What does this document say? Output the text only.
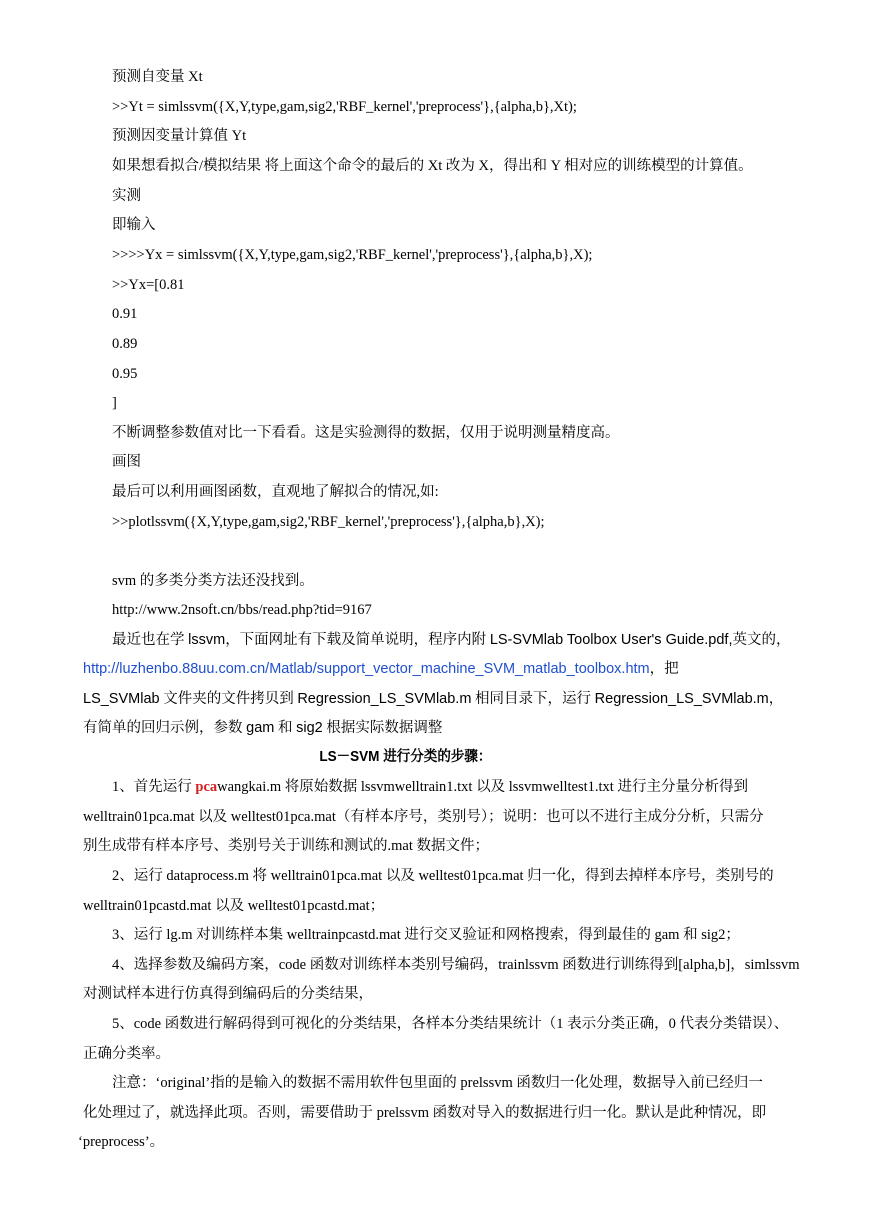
预测自变量 Xt
>>Yt = simlssvm({X,Y,type,gam,sig2,'RBF_kernel','preprocess'},{alpha,b},Xt);
预测因变量计算值 Yt
如果想看拟合/模拟结果 将上面这个命令的最后的 Xt 改为 X，得出和 Y 相对应的训练模型的计算值。
实测
即输入
>>>>Yx = simlssvm({X,Y,type,gam,sig2,'RBF_kernel','preprocess'},{alpha,b},X);
>>Yx=[0.81
0.91
0.89
0.95
]
不断调整参数值对比一下看看。这是实验测得的数据，仅用于说明测量精度高。
画图
最后可以利用画图函数，直观地了解拟合的情况,如:
>>plotlssvm({X,Y,type,gam,sig2,'RBF_kernel','preprocess'},{alpha,b},X);
svm 的多类分类方法还没找到。
http://www.2nsoft.cn/bbs/read.php?tid=9167
最近也在学 lssvm，下面网址有下载及简单说明，程序内附 LS-SVMlab Toolbox User's Guide.pdf,英文的，
http://luzhenbo.88uu.com.cn/Matlab/support_vector_machine_SVM_matlab_toolbox.htm，把
LS_SVMlab 文件夹的文件拷贝到 Regression_LS_SVMlab.m 相同目录下，运行 Regression_LS_SVMlab.m，
有简单的回归示例，参数 gam 和 sig2 根据实际数据调整
LS－SVM 进行分类的步骤：
1、首先运行 pcawangkai.m 将原始数据 lssvmwelltrain1.txt 以及 lssvmwelltest1.txt 进行主分量分析得到
welltrain01pca.mat 以及 welltest01pca.mat（有样本序号，类别号）；说明：也可以不进行主成分分析，只需分
别生成带有样本序号、类别号关于训练和测试的.mat 数据文件；
2、运行 dataprocess.m 将 welltrain01pca.mat 以及 welltest01pca.mat 归一化，得到去掉样本序号，类别号的
welltrain01pcastd.mat 以及 welltest01pcastd.mat；
3、运行 lg.m 对训练样本集 welltrainpcastd.mat 进行交叉验证和网格搜索，得到最佳的 gam 和 sig2；
4、选择参数及编码方案，code 函数对训练样本类别号编码，trainlssvm 函数进行训练得到[alpha,b]，simlssvm
对测试样本进行仿真得到编码后的分类结果，
5、code 函数进行解码得到可视化的分类结果，各样本分类结果统计（1 表示分类正确，0 代表分类错误）、
正确分类率。
注意：‘original’指的是输入的数据不需用软件包里面的 prelssvm 函数归一化处理，数据导入前已经归一
化处理过了，就选择此项。否则，需要借助于 prelssvm 函数对导入的数据进行归一化。默认是此种情况，即
‘preprocess’。
